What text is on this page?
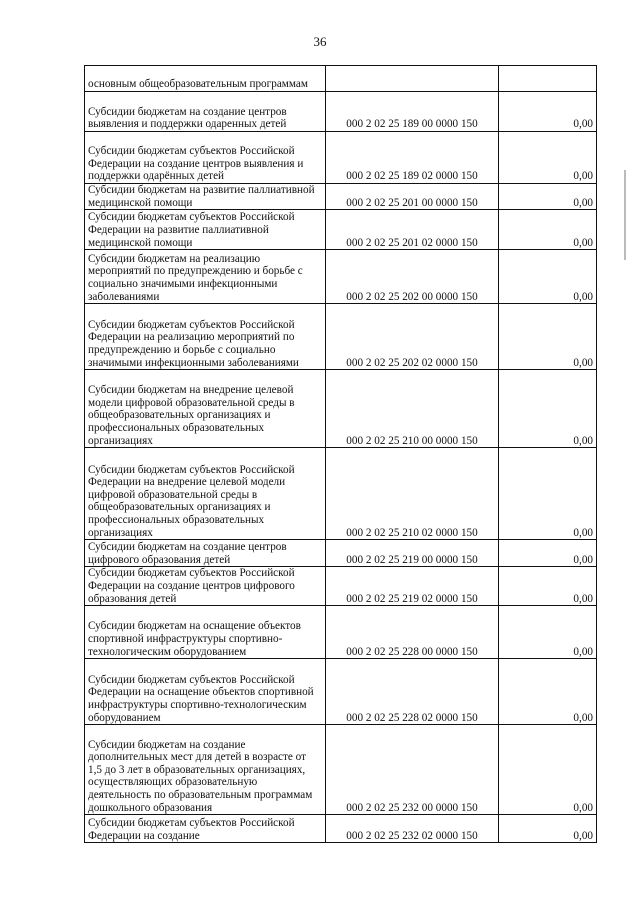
36
основным общеобразовательным программам		
Субсидии бюджетам на создание центров выявления и поддержки одаренных детей	000 2 02 25 189 00 0000 150	0,00
Субсидии бюджетам субъектов Российской Федерации на создание центров выявления и поддержки одарённых детей	000 2 02 25 189 02 0000 150	0,00
Субсидии бюджетам на развитие паллиативной медицинской помощи	000 2 02 25 201 00 0000 150	0,00
Субсидии бюджетам субъектов Российской Федерации на развитие паллиативной медицинской помощи	000 2 02 25 201 02 0000 150	0,00
Субсидии бюджетам на реализацию мероприятий по предупреждению и борьбе с социально значимыми инфекционными заболеваниями	000 2 02 25 202 00 0000 150	0,00
Субсидии бюджетам субъектов Российской Федерации на реализацию мероприятий по предупреждению и борьбе с социально значимыми инфекционными заболеваниями	000 2 02 25 202 02 0000 150	0,00
Субсидии бюджетам на внедрение целевой модели цифровой образовательной среды в общеобразовательных организациях и профессиональных образовательных организациях	000 2 02 25 210 00 0000 150	0,00
Субсидии бюджетам субъектов Российской Федерации на внедрение целевой модели цифровой образовательной среды в общеобразовательных организациях и профессиональных образовательных организациях	000 2 02 25 210 02 0000 150	0,00
Субсидии бюджетам на создание центров цифрового образования детей	000 2 02 25 219 00 0000 150	0,00
Субсидии бюджетам субъектов Российской Федерации на создание центров цифрового образования детей	000 2 02 25 219 02 0000 150	0,00
Субсидии бюджетам на оснащение объектов спортивной инфраструктуры спортивно-технологическим оборудованием	000 2 02 25 228 00 0000 150	0,00
Субсидии бюджетам субъектов Российской Федерации на оснащение объектов спортивной инфраструктуры спортивно-технологическим оборудованием	000 2 02 25 228 02 0000 150	0,00
Субсидии бюджетам на создание дополнительных мест для детей в возрасте от 1,5 до 3 лет в образовательных организациях, осуществляющих образовательную деятельность по образовательным программам дошкольного образования	000 2 02 25 232 00 0000 150	0,00
Субсидии бюджетам субъектов Российской Федерации на создание	000 2 02 25 232 02 0000 150	0,00
